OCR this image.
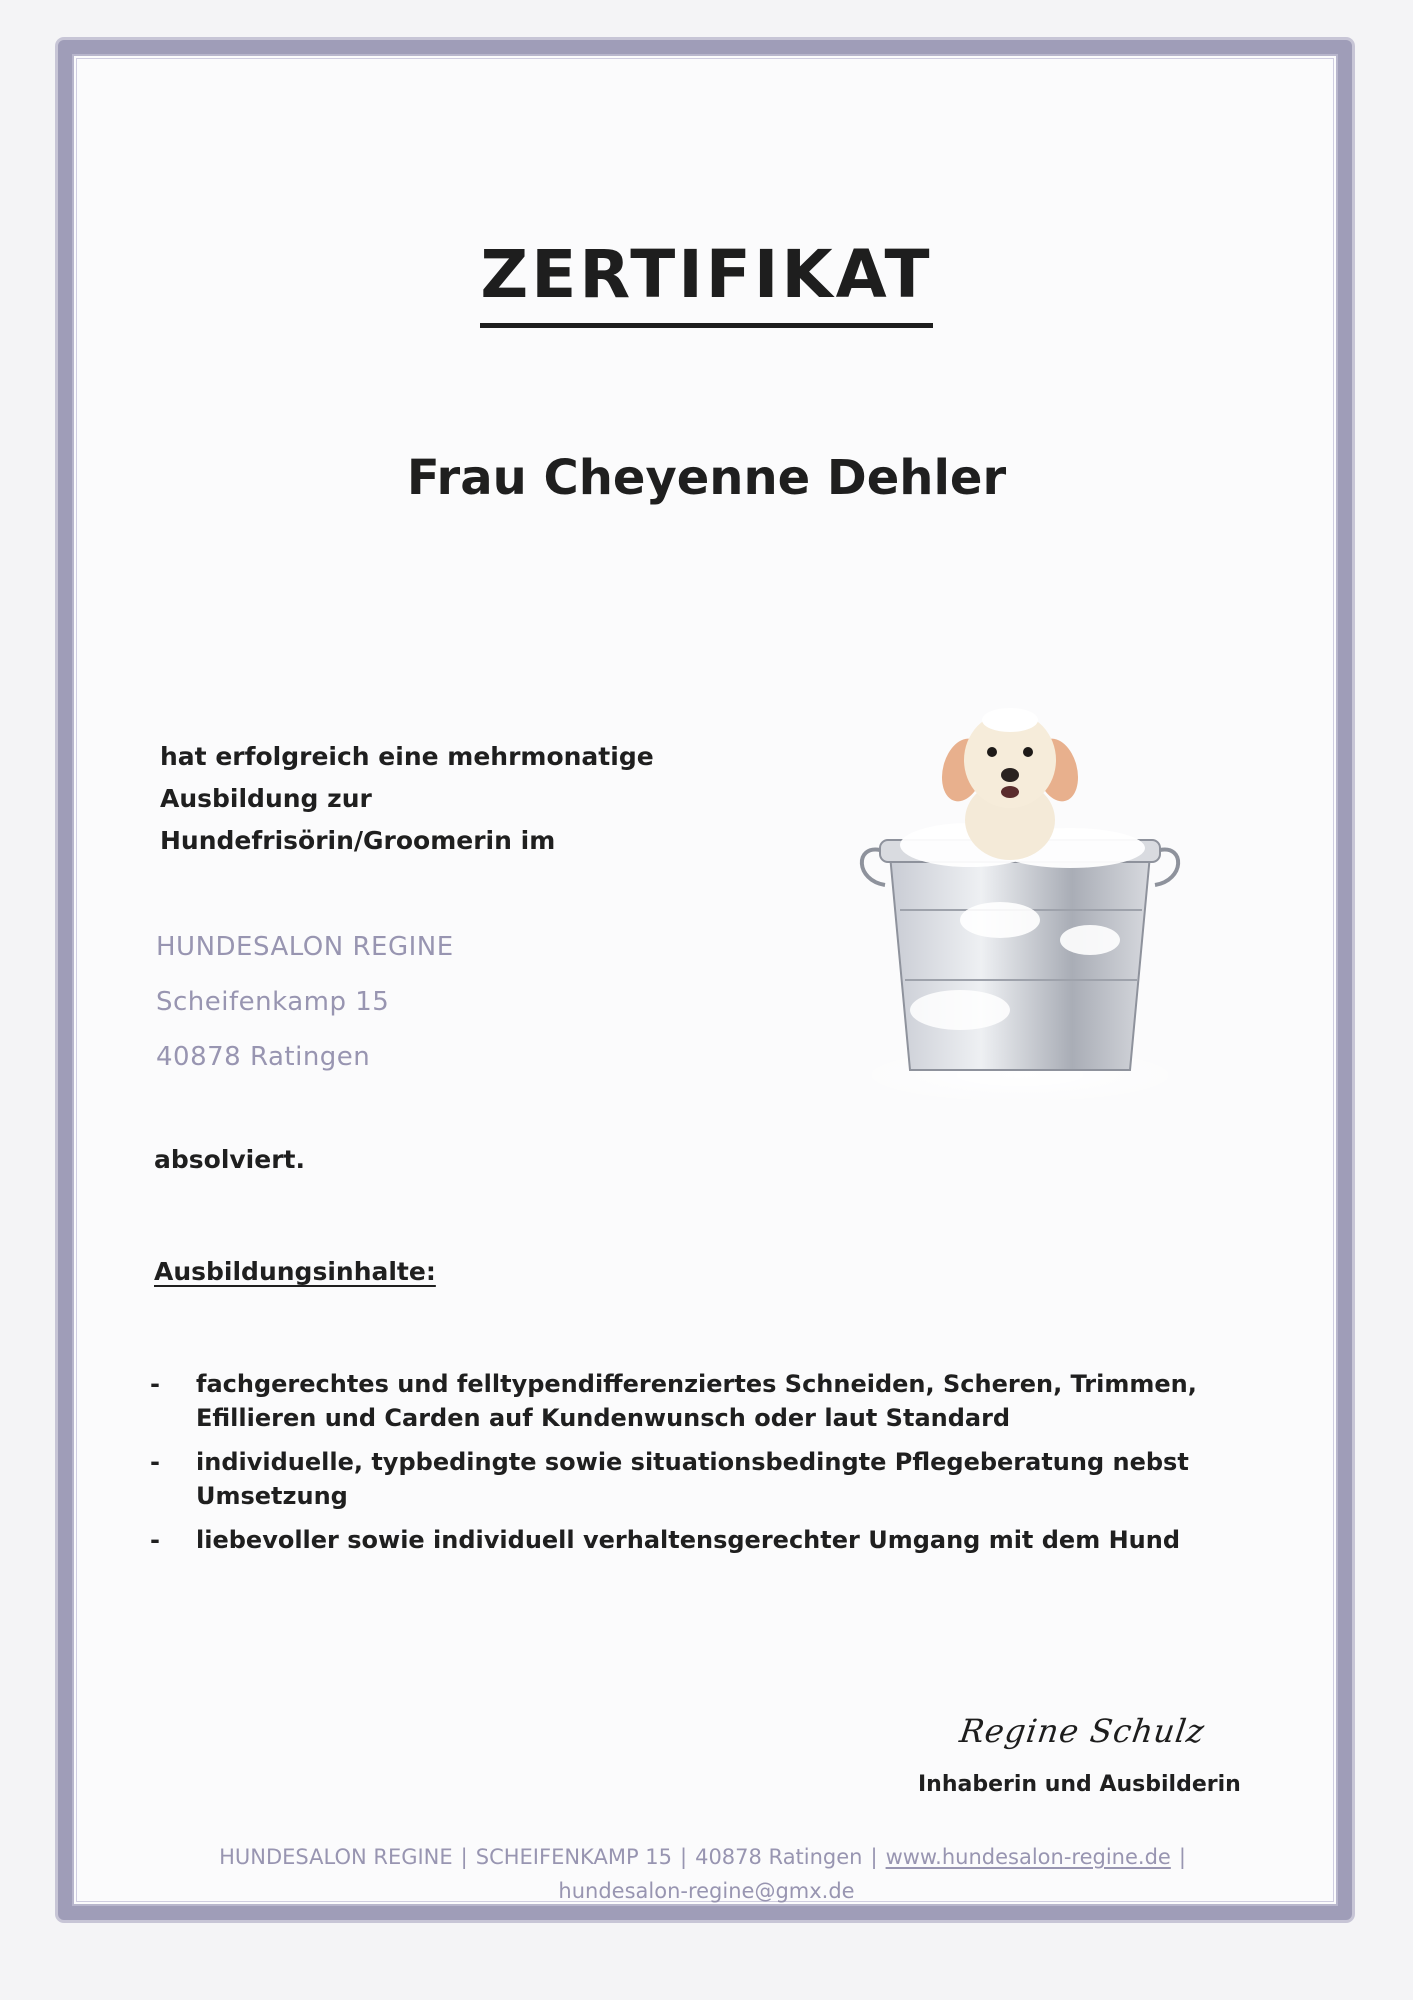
ZERTIFIKAT
Frau Cheyenne Dehler
hat erfolgreich eine mehrmonatige
Ausbildung zur
Hundefrisörin/Groomerin im
HUNDESALON REGINE
Scheifenkamp 15
40878 Ratingen
absolviert.
Ausbildungsinhalte:
- fachgerechtes und felltypendifferenziertes Schneiden, Scheren, Trimmen,
Efillieren und Carden auf Kundenwunsch oder laut Standard
- individuelle, typbedingte sowie situationsbedingte Pflegeberatung nebst
Umsetzung
- liebevoller sowie individuell verhaltensgerechter Umgang mit dem Hund
Regine Schulz
Inhaberin und Ausbilderin
HUNDESALON REGINE | SCHEIFENKAMP 15 | 40878 Ratingen | www.hundesalon-regine.de |
hundesalon-regine@gmx.de
